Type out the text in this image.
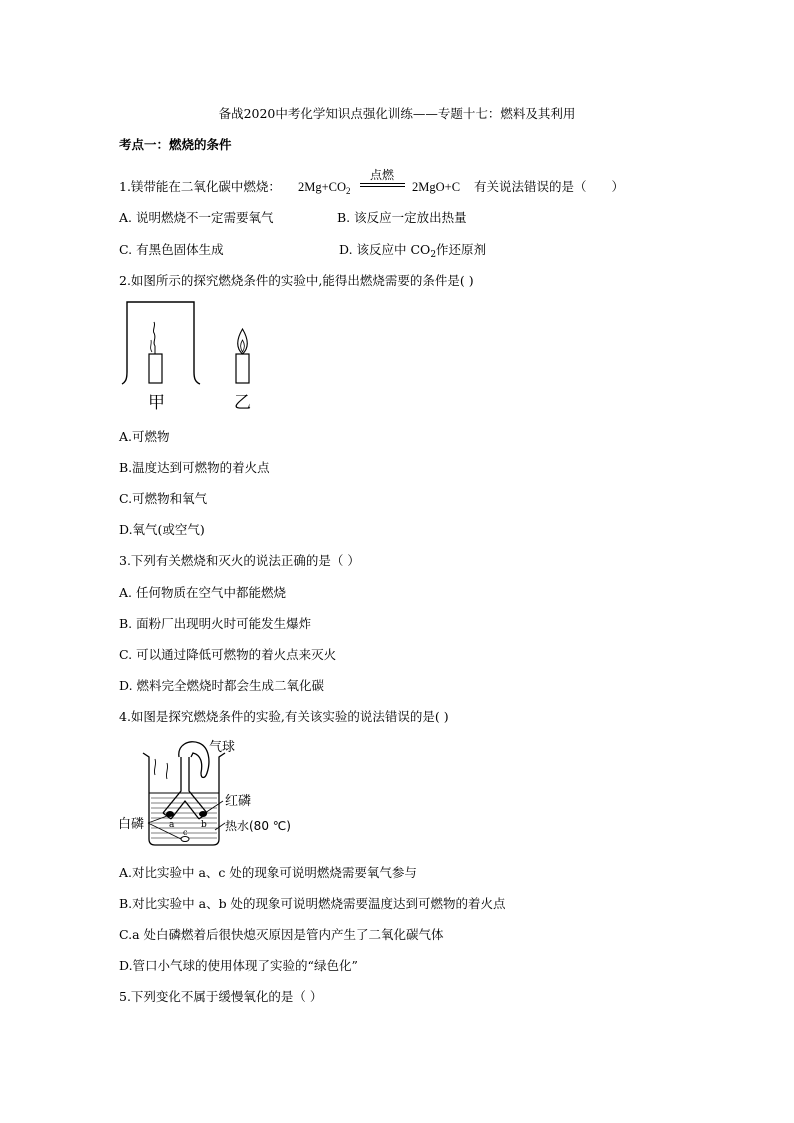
备战2020中考化学知识点强化训练——专题十七：燃料及其利用
考点一：燃烧的条件
1.镁带能在二氧化碳中燃烧： $2Mg+CO_2$
点燃
2MgO+C 有关说法错误的是（　　）
A. 说明燃烧不一定需要氧气	B. 该反应一定放出热量
C. 有黑色固体生成	D. 该反应中 $CO_2$作还原剂
2.如图所示的探究燃烧条件的实验中,能得出燃烧需要的条件是( )
甲	乙
A.可燃物
B.温度达到可燃物的着火点
C.可燃物和氧气
D.氧气(或空气)
3.下列有关燃烧和灭火的说法正确的是（ ）
A. 任何物质在空气中都能燃烧
B. 面粉厂出现明火时可能发生爆炸
C. 可以通过降低可燃物的着火点来灭火
D. 燃料完全燃烧时都会生成二氧化碳
4.如图是探究燃烧条件的实验,有关该实验的说法错误的是( )
气球
红磷
热水(80 ℃)
白磷	a	b
c
A.对比实验中 a、c 处的现象可说明燃烧需要氧气参与
B.对比实验中 a、b 处的现象可说明燃烧需要温度达到可燃物的着火点
C.a 处白磷燃着后很快熄灭原因是管内产生了二氧化碳气体
D.管口小气球的使用体现了实验的“绿色化”
5.下列变化不属于缓慢氧化的是（ ）
